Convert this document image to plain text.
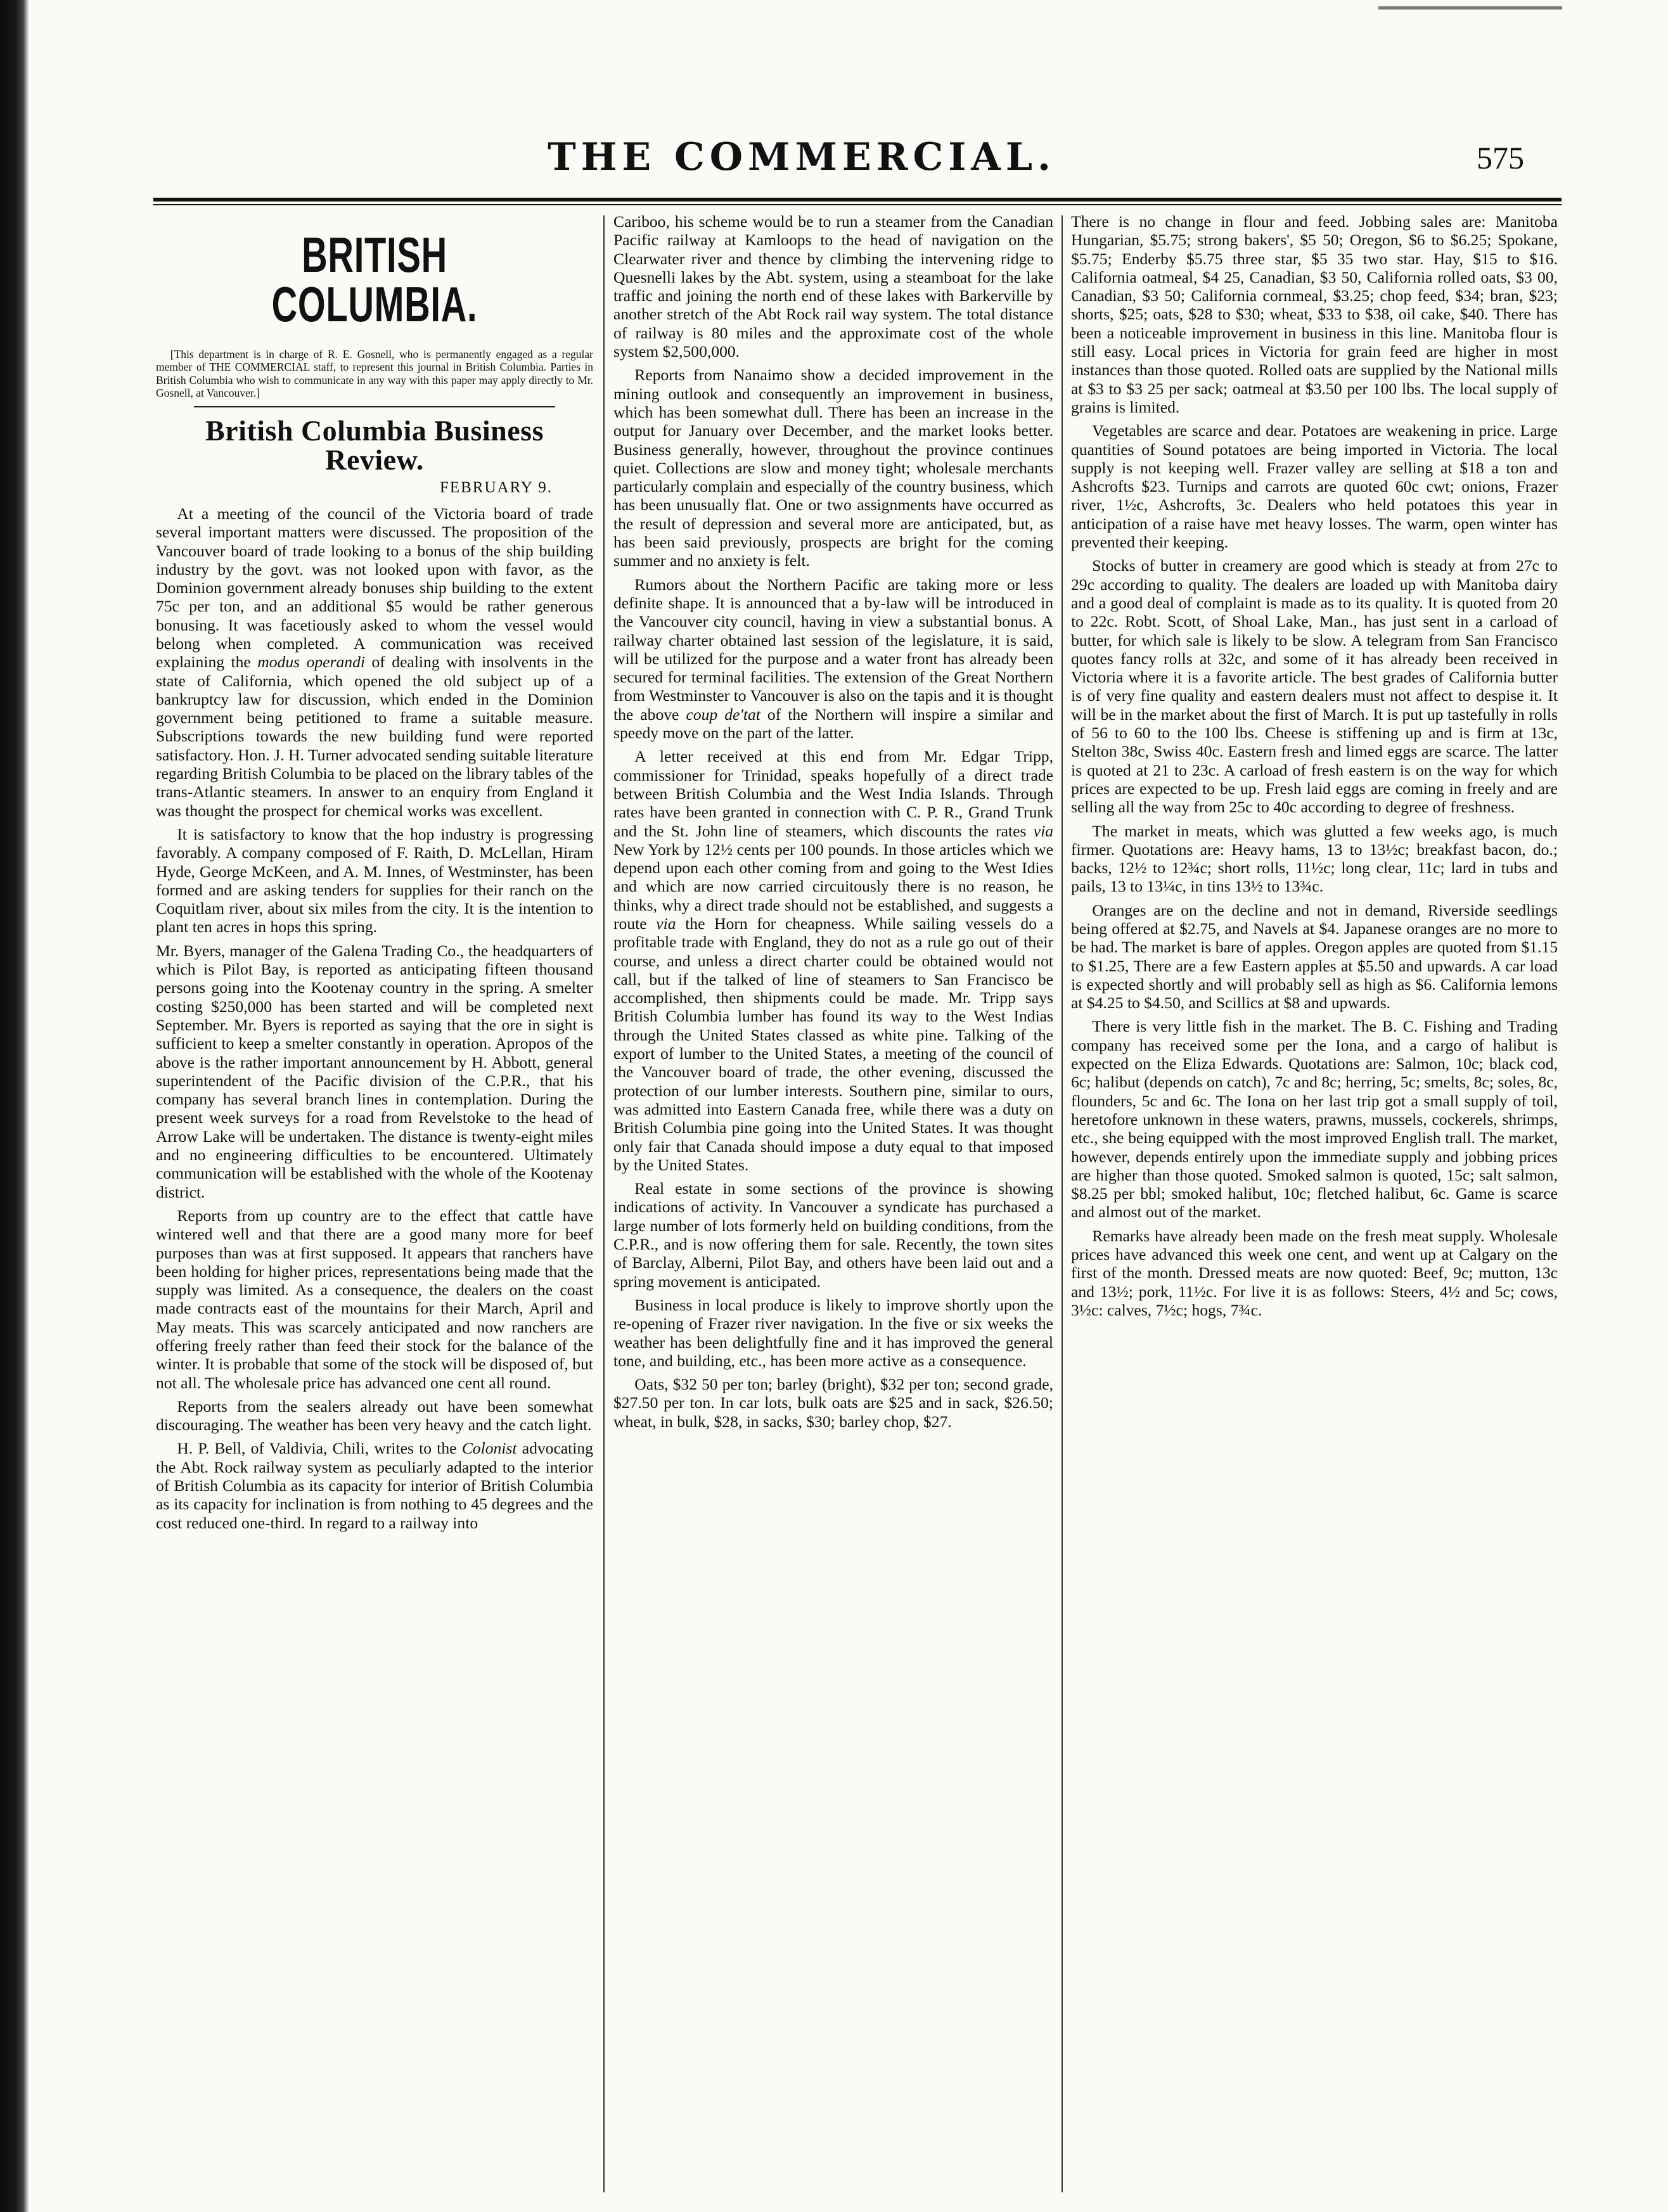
THE COMMERCIAL.	575
BRITISH COLUMBIA.

[This department is in charge of R. E. Gosnell, who is permanently engaged as a regular member of THE COMMERCIAL staff, to represent this journal in British Columbia. Parties in British Columbia who wish to communicate in any way with this paper may apply directly to Mr. Gosnell, at Vancouver.]

British Columbia Business Review.
FEBRUARY 9.

At a meeting of the council of the Victoria board of trade several important matters were discussed. The proposition of the Vancouver board of trade looking to a bonus of the ship building industry by the govt. was not looked upon with favor, as the Dominion government already bonuses ship building to the extent 75c per ton, and an additional $5 would be rather generous bonusing. It was facetiously asked to whom the vessel would belong when completed. A communication was received explaining the modus operandi of dealing with insolvents in the state of California, which opened the old subject up of a bankruptcy law for discussion, which ended in the Dominion government being petitioned to frame a suitable measure. Subscriptions towards the new building fund were reported satisfactory. Hon. J. H. Turner advocated sending suitable literature regarding British Columbia to be placed on the library tables of the trans-Atlantic steamers. In answer to an enquiry from England it was thought the prospect for chemical works was excellent.

It is satisfactory to know that the hop industry is progressing favorably. A company composed of F. Raith, D. McLellan, Hiram Hyde, George McKeen, and A. M. Innes, of Westminster, has been formed and are asking tenders for supplies for their ranch on the Coquitlam river, about six miles from the city. It is the intention to plant ten acres in hops this spring.

Mr. Byers, manager of the Galena Trading Co., the headquarters of which is Pilot Bay, is reported as anticipating fifteen thousand persons going into the Kootenay country in the spring. A smelter costing $250,000 has been started and will be completed next September. Mr. Byers is reported as saying that the ore in sight is sufficient to keep a smelter constantly in operation. Apropos of the above is the rather important announcement by H. Abbott, general superintendent of the Pacific division of the C.P.R., that his company has several branch lines in contemplation. During the present week surveys for a road from Revelstoke to the head of Arrow Lake will be undertaken. The distance is twenty-eight miles and no engineering difficulties to be encountered. Ultimately communication will be established with the whole of the Kootenay district.

Reports from up country are to the effect that cattle have wintered well and that there are a good many more for beef purposes than was at first supposed. It appears that ranchers have been holding for higher prices, representations being made that the supply was limited. As a consequence, the dealers on the coast made contracts east of the mountains for their March, April and May meats. This was scarcely anticipated and now ranchers are offering freely rather than feed their stock for the balance of the winter. It is probable that some of the stock will be disposed of, but not all. The wholesale price has advanced one cent all round.

Reports from the sealers already out have been somewhat discouraging. The weather has been very heavy and the catch light.

H. P. Bell, of Valdivia, Chili, writes to the Colonist advocating the Abt. Rock railway system as peculiarly adapted to the interior of British Columbia as its capacity for interior of British Columbia as its capacity for inclination is from nothing to 45 degrees and the cost reduced one-third. In regard to a railway into

Cariboo, his scheme would be to run a steamer from the Canadian Pacific railway at Kamloops to the head of navigation on the Clearwater river and thence by climbing the intervening ridge to Quesnelli lakes by the Abt. system, using a steamboat for the lake traffic and joining the north end of these lakes with Barkerville by another stretch of the Abt Rock rail way system. The total distance of railway is 80 miles and the approximate cost of the whole system $2,500,000.

Reports from Nanaimo show a decided improvement in the mining outlook and consequently an improvement in business, which has been somewhat dull. There has been an increase in the output for January over December, and the market looks better. Business generally, however, throughout the province continues quiet. Collections are slow and money tight; wholesale merchants particularly complain and especially of the country business, which has been unusually flat. One or two assignments have occurred as the result of depression and several more are anticipated, but, as has been said previously, prospects are bright for the coming summer and no anxiety is felt.

Rumors about the Northern Pacific are taking more or less definite shape. It is announced that a by-law will be introduced in the Vancouver city council, having in view a substantial bonus. A railway charter obtained last session of the legislature, it is said, will be utilized for the purpose and a water front has already been secured for terminal facilities. The extension of the Great Northern from Westminster to Vancouver is also on the tapis and it is thought the above coup de'tat of the Northern will inspire a similar and speedy move on the part of the latter.

A letter received at this end from Mr. Edgar Tripp, commissioner for Trinidad, speaks hopefully of a direct trade between British Columbia and the West India Islands. Through rates have been granted in connection with C. P. R., Grand Trunk and the St. John line of steamers, which discounts the rates via New York by 12½ cents per 100 pounds. In those articles which we depend upon each other coming from and going to the West Idies and which are now carried circuitously there is no reason, he thinks, why a direct trade should not be established, and suggests a route via the Horn for cheapness. While sailing vessels do a profitable trade with England, they do not as a rule go out of their course, and unless a direct charter could be obtained would not call, but if the talked of line of steamers to San Francisco be accomplished, then shipments could be made. Mr. Tripp says British Columbia lumber has found its way to the West Indias through the United States classed as white pine. Talking of the export of lumber to the United States, a meeting of the council of the Vancouver board of trade, the other evening, discussed the protection of our lumber interests. Southern pine, similar to ours, was admitted into Eastern Canada free, while there was a duty on British Columbia pine going into the United States. It was thought only fair that Canada should impose a duty equal to that imposed by the United States.

Real estate in some sections of the province is showing indications of activity. In Vancouver a syndicate has purchased a large number of lots formerly held on building conditions, from the C.P.R., and is now offering them for sale. Recently, the town sites of Barclay, Alberni, Pilot Bay, and others have been laid out and a spring movement is anticipated.

Business in local produce is likely to improve shortly upon the re-opening of Frazer river navigation. In the five or six weeks the weather has been delightfully fine and it has improved the general tone, and building, etc., has been more active as a consequence.

Oats, $32 50 per ton; barley (bright), $32 per ton; second grade, $27.50 per ton. In car lots, bulk oats are $25 and in sack, $26.50; wheat, in bulk, $28, in sacks, $30; barley chop, $27.

There is no change in flour and feed. Jobbing sales are: Manitoba Hungarian, $5.75; strong bakers', $5 50; Oregon, $6 to $6.25; Spokane, $5.75; Enderby $5.75 three star, $5 35 two star. Hay, $15 to $16. California oatmeal, $4 25, Canadian, $3 50, California rolled oats, $3 00, Canadian, $3 50; California cornmeal, $3.25; chop feed, $34; bran, $23; shorts, $25; oats, $28 to $30; wheat, $33 to $38, oil cake, $40. There has been a noticeable improvement in business in this line. Manitoba flour is still easy. Local prices in Victoria for grain feed are higher in most instances than those quoted. Rolled oats are supplied by the National mills at $3 to $3 25 per sack; oatmeal at $3.50 per 100 lbs. The local supply of grains is limited.

Vegetables are scarce and dear. Potatoes are weakening in price. Large quantities of Sound potatoes are being imported in Victoria. The local supply is not keeping well. Frazer valley are selling at $18 a ton and Ashcrofts $23. Turnips and carrots are quoted 60c cwt; onions, Frazer river, 1½c, Ashcrofts, 3c. Dealers who held potatoes this year in anticipation of a raise have met heavy losses. The warm, open winter has prevented their keeping.

Stocks of butter in creamery are good which is steady at from 27c to 29c according to quality. The dealers are loaded up with Manitoba dairy and a good deal of complaint is made as to its quality. It is quoted from 20 to 22c. Robt. Scott, of Shoal Lake, Man., has just sent in a carload of butter, for which sale is likely to be slow. A telegram from San Francisco quotes fancy rolls at 32c, and some of it has already been received in Victoria where it is a favorite article. The best grades of California butter is of very fine quality and eastern dealers must not affect to despise it. It will be in the market about the first of March. It is put up tastefully in rolls of 56 to 60 to the 100 lbs. Cheese is stiffening up and is firm at 13c, Stelton 38c, Swiss 40c. Eastern fresh and limed eggs are scarce. The latter is quoted at 21 to 23c. A carload of fresh eastern is on the way for which prices are expected to be up. Fresh laid eggs are coming in freely and are selling all the way from 25c to 40c according to degree of freshness.

The market in meats, which was glutted a few weeks ago, is much firmer. Quotations are: Heavy hams, 13 to 13½c; breakfast bacon, do.; backs, 12½ to 12¾c; short rolls, 11½c; long clear, 11c; lard in tubs and pails, 13 to 13¼c, in tins 13½ to 13¾c.

Oranges are on the decline and not in demand, Riverside seedlings being offered at $2.75, and Navels at $4. Japanese oranges are no more to be had. The market is bare of apples. Oregon apples are quoted from $1.15 to $1.25, There are a few Eastern apples at $5.50 and upwards. A car load is expected shortly and will probably sell as high as $6. California lemons at $4.25 to $4.50, and Scillics at $8 and upwards.

There is very little fish in the market. The B. C. Fishing and Trading company has received some per the Iona, and a cargo of halibut is expected on the Eliza Edwards. Quotations are: Salmon, 10c; black cod, 6c; halibut (depends on catch), 7c and 8c; herring, 5c; smelts, 8c; soles, 8c, flounders, 5c and 6c. The Iona on her last trip got a small supply of toil, heretofore unknown in these waters, prawns, mussels, cockerels, shrimps, etc., she being equipped with the most improved English trall. The market, however, depends entirely upon the immediate supply and jobbing prices are higher than those quoted. Smoked salmon is quoted, 15c; salt salmon, $8.25 per bbl; smoked halibut, 10c; fletched halibut, 6c. Game is scarce and almost out of the market.

Remarks have already been made on the fresh meat supply. Wholesale prices have advanced this week one cent, and went up at Calgary on the first of the month. Dressed meats are now quoted: Beef, 9c; mutton, 13c and 13½; pork, 11½c. For live it is as follows: Steers, 4½ and 5c; cows, 3½c: calves, 7½c; hogs, 7¾c.
